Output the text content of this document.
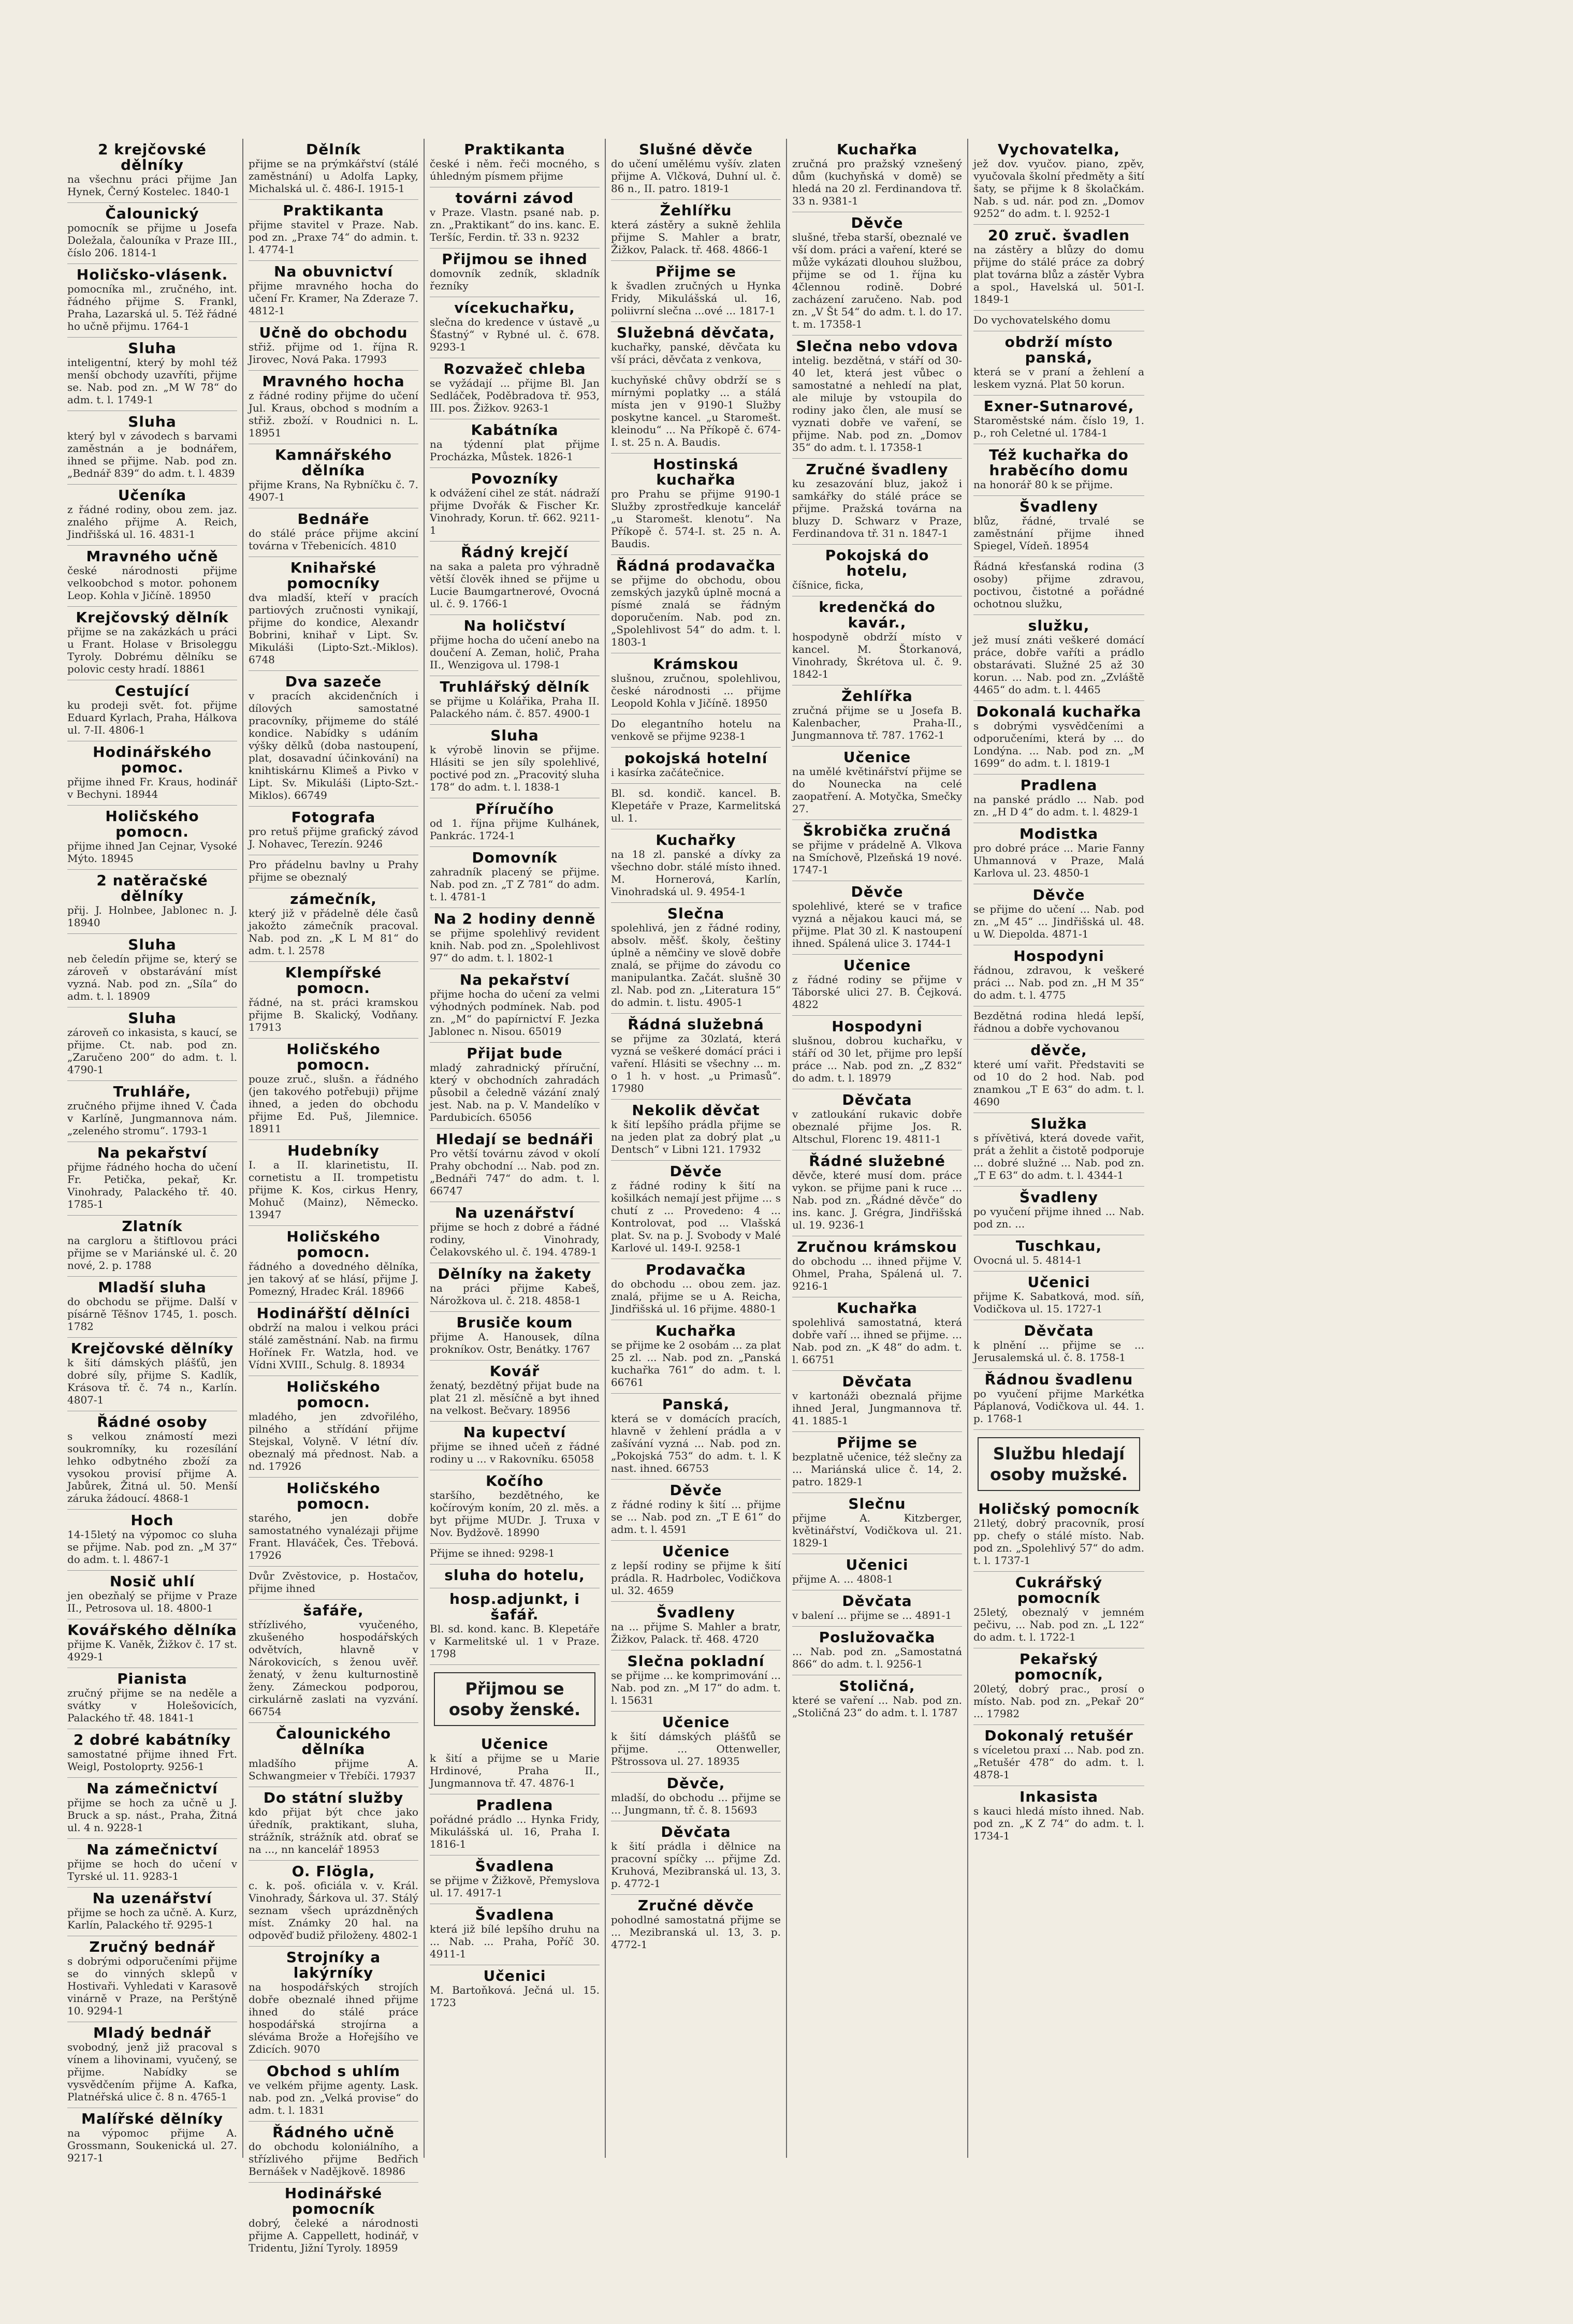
2 krejčovské dělníky
na všechnu práci přijme Jan Hynek, Černý Kostelec. 1840-1
Čalounický
pomocník se přijme u Josefa Doležala, čalouníka v Praze III., číslo 206. 1814-1
Holičsko-vlásenk.
pomocníka ml., zručného, int. řádného přijme S. Frankl, Praha, Lazarská ul. 5. Též řádné ho učně přijmu. 1764-1
Sluha
inteligentní, který by mohl též menší obchody uzavříti, přijme se. Nab. pod zn. „M W 78“ do adm. t. l. 1749-1
Sluha
který byl v závodech s barvami zaměstnán a je bodnářem, ihned se přijme. Nab. pod zn. „Bednář 839“ do adm. t. l. 4839
Učeníka
z řádné rodiny, obou zem. jaz. znalého přijme A. Reich, Jindřišská ul. 16. 4831-1
Mravného učně
české národnosti přijme velkoobchod s motor. pohonem Leop. Kohla v Jičíně. 18950
Krejčovský dělník
přijme se na zakázkách u práci u Frant. Holase v Brisoleggu Tyroly. Dobrému dělníku se polovic cesty hradí. 18861
Cestující
ku prodeji svět. fot. přijme Eduard Kyrlach, Praha, Hálkova ul. 7-II. 4806-1
Hodinářského pomoc.
přijme ihned Fr. Kraus, hodinář v Bechyni. 18944
Holičského pomocn.
přijme ihned Jan Cejnar, Vysoké Mýto. 18945
2 natěračské dělníky
přij. J. Holnbee, Jablonec n. J. 18940
Sluha
neb čeledín přijme se, který se zároveň v obstarávání míst vyzná. Nab. pod zn. „Síla“ do adm. t. l. 18909
Sluha
zároveň co inkasista, s kaucí, se přijme. Ct. nab. pod zn. „Zaručeno 200“ do adm. t. l. 4790-1
Truhláře,
zručného přijme ihned V. Čada v Karlíně, Jungmannova nám. „zeleného stromu“. 1793-1
Na pekařství
přijme řádného hocha do učení Fr. Petička, pekař, Kr. Vinohrady, Palackého tř. 40. 1785-1
Zlatník
na cargloru a štiftlovou práci přijme se v Mariánské ul. č. 20 nové, 2. p. 1788
Mladší sluha
do obchodu se přijme. Další v písárně Těšnov 1745, 1. posch. 1782
Krejčovské dělníky
k šití dámských plášťů, jen dobré síly, přijme S. Kadlík, Krásova tř. č. 74 n., Karlín. 4807-1
Řádné osoby
s velkou známostí mezi soukromníky, ku rozesílání lehko odbytného zboží za vysokou provisí přijme A. Jabůrek, Žitná ul. 50. Menší záruka žádoucí. 4868-1
Hoch
14-15letý na výpomoc co sluha se přijme. Nab. pod zn. „M 37“ do adm. t. l. 4867-1
Nosič uhlí
jen obezňalý se přijme v Praze II., Petrosova ul. 18. 4800-1
Kovářského dělníka
přijme K. Vaněk, Žižkov č. 17 st. 4929-1
Pianista
zručný přijme se na neděle a svátky v Holešovicích, Palackého tř. 48. 1841-1
2 dobré kabátníky
samostatné přijme ihned Frt. Weigl, Postoloprty. 9256-1
Na zámečnictví
přijme se hoch za učně u J. Bruck a sp. nást., Praha, Žitná ul. 4 n. 9228-1
Na zámečnictví
přijme se hoch do učení v Tyrské ul. 11. 9283-1
Na uzenářství
přijme se hoch za učně. A. Kurz, Karlín, Palackého tř. 9295-1
Zručný bednář
s dobrými odporučeními přijme se do vinných sklepů v Hostivaři. Vyhledati v Karasově vinárně v Praze, na Perštýně 10. 9294-1
Mladý bednář
svobodný, jenž již pracoval s vínem a lihovinami, vyučený, se přijme. Nabídky se vysvědčením přijme A. Kafka, Platnéřská ulice č. 8 n. 4765-1
Malířské dělníky
na výpomoc přijme A. Grossmann, Soukenická ul. 27. 9217-1
Dělník
přijme se na prýmkářství (stálé zaměstnání) u Adolfa Lapky, Michalská ul. č. 486-I. 1915-1
Praktikanta
přijme stavitel v Praze. Nab. pod zn. „Praxe 74“ do admin. t. l. 4774-1
Na obuvnictví
přijme mravného hocha do učení Fr. Kramer, Na Zderaze 7. 4812-1
Učně do obchodu
střiž. přijme od 1. října R. Jirovec, Nová Paka. 17993
Mravného hocha
z řádné rodiny přijme do učení Jul. Kraus, obchod s modním a střiž. zboží. v Roudnici n. L. 18951
Kamnářského dělníka
přijme Krans, Na Rybníčku č. 7. 4907-1
Bednáře
do stálé práce přijme akciní továrna v Třebenicích. 4810
Knihařské pomocníky
dva mladší, kteří v pracích partiových zručnosti vynikají, přijme do kondice, Alexandr Bobrini, knihař v Lipt. Sv. Mikuláši (Lipto-Szt.-Miklos). 6748
Dva sazeče
v pracích akcidenčních i dílových samostatné pracovníky, přijmeme do stálé kondice. Nabídky s udáním výšky dělků (doba nastoupení, plat, dosavadní účinkování) na knihtiskárnu Klimeš a Pivko v Lipt. Sv. Mikuláši (Lipto-Szt.-Miklos). 66749
Fotografa
pro retuš přijme grafický závod J. Nohavec, Terezín. 9246
Pro přádelnu bavlny u Prahy přijme se obeznalý
zámečník,
který již v přádelně déle časů jakožto zámečník pracoval. Nab. pod zn. „K L M 81“ do adm. t. l. 2578
Klempířské pomocn.
řádné, na st. práci kramskou přijme B. Skalický, Vodňany. 17913
Holičského pomocn.
pouze zruč., slušn. a řádného (jen takového potřebuji) přijme ihned, a jeden do obchodu přijme Ed. Puš, Jilemnice. 18911
Hudebníky
I. a II. klarinetistu, II. cornetistu a II. trompetistu přijme K. Kos, cirkus Henry, Mohuč (Mainz), Německo. 13947
Holičského pomocn.
řádného a dovedného dělníka, jen takový ať se hlásí, přijme J. Pomezný, Hradec Král. 18966
Hodinářští dělníci
obdrží na malou i velkou práci stálé zaměstnání. Nab. na firmu Hořínek Fr. Watzla, hod. ve Vídni XVIII., Schulg. 8. 18934
Holičského pomocn.
mladého, jen zdvořilého, pilného a střídání přijme Stejskal, Volyně. V létní dív. obeznalý má přednost. Nab. a nd. 17926
Holičského pomocn.
starého, jen dobře samostatného vynalézaji přijme Frant. Hlaváček, Čes. Třebová. 17926
Dvůr Zvěstovice, p. Hostačov, přijme ihned
šafáře,
střízlivého, vyučeného, zkušeného hospodářských odvětvích, hlavně v Nárokovicích, s ženou uvěř. ženatý, v ženu kulturnostině ženy. Zámeckou podporou, cirkulárně zaslati na vyzvání. 66754
Čalounického dělníka
mladšího přijme A. Schwangmeier v Třebíči. 17937
Do státní služby
kdo přijat být chce jako úředník, praktikant, sluha, strážník, strážník atd. obrať se na ..., nn kancelář 18953
O. Flögla,
c. k. poš. oficiála v. v. Král. Vinohrady, Šárkova ul. 37. Stálý seznam všech uprázdněných míst. Známky 20 hal. na odpověď budiž přiloženy. 4802-1
Strojníky a lakýrníky
na hospodářských strojích dobře obeznalé ihned přijme ihned do stálé práce hospodářská strojírna a sléváma Brože a Hořejšího ve Zdicích. 9070
Obchod s uhlím
ve velkém přijme agenty. Lask. nab. pod zn. „Velká provise“ do adm. t. l. 1831
Řádného učně
do obchodu koloniálního, a střízlivého přijme Bedřich Bernášek v Nadějkově. 18986
Hodinářské pomocník
dobrý, čeleké a národnosti přijme A. Cappellett, hodinář, v Tridentu, Jižní Tyroly. 18959
Praktikanta
české i něm. řeči mocného, s úhledným písmem přijme
továrni závod
v Praze. Vlastn. psané nab. p. zn. „Praktikant“ do ins. kanc. E. Teršíc, Ferdin. tř. 33 n. 9232
Přijmou se ihned
domovník zedník, skladník řezníky
vícekuchařku,
slečna do kredence v ústavě „u Šťastný“ v Rybné ul. č. 678. 9293-1
Rozvažeč chleba
se vyžádají ... přijme Bl. Jan Sedláček, Poděbradova tř. 953, III. pos. Žižkov. 9263-1
Kabátníka
na týdenní plat přijme Procházka, Můstek. 1826-1
Povozníky
k odvážení cihel ze stát. nádraží přijme Dvořák & Fischer Kr. Vinohrady, Korun. tř. 662. 9211-1
Řádný krejčí
na saka a paleta pro výhradně větší člověk ihned se přijme u Lucie Baumgartnerové, Ovocná ul. č. 9. 1766-1
Na holičství
přijme hocha do učení anebo na doučení A. Zeman, holič, Praha II., Wenzigova ul. 1798-1
Truhlářský dělník
se přijme u Kolářika, Praha II. Palackého nám. č. 857. 4900-1
Sluha
k výrobě linovin se přijme. Hlásiti se jen síly spolehlivé, poctivé pod zn. „Pracovitý sluha 178“ do adm. t. l. 1838-1
Příručího
od 1. října přijme Kulhánek, Pankrác. 1724-1
Domovník
zahradník placený se přijme. Nab. pod zn. „T Z 781“ do adm. t. l. 4781-1
Na 2 hodiny denně
se přijme spolehlivý revident knih. Nab. pod zn. „Spolehlivost 97“ do adm. t. l. 1802-1
Na pekařství
přijme hocha do učení za velmi výhodných podmínek. Nab. pod zn. „M“ do papírnictví F. Jezka Jablonec n. Nisou. 65019
Přijat bude
mladý zahradnický příruční, který v obchodních zahradách působil a čeledně vázání znalý jest. Nab. na p. V. Mandelíko v Pardubicích. 65056
Hledají se bednáři
Pro větší továrnu závod v okolí Prahy obchodní ... Nab. pod zn. „Bednáři 747“ do adm. t. l. 66747
Na uzenářství
přijme se hoch z dobré a řádné rodiny, Vinohrady, Čelakovského ul. č. 194. 4789-1
Dělníky na žakety
na práci přijme Kabeš, Nárožkova ul. č. 218. 4858-1
Brusiče koum
přijme A. Hanousek, dílna prokníkov. Ostr, Benátky. 1767
Kovář
ženatý, bezdětný přijat bude na plat 21 zl. měsíčně a byt ihned na velkost. Bečvary. 18956
Na kupectví
přijme se ihned učeň z řádné rodiny u ... v Rakovníku. 65058
Kočího
staršího, bezdětného, ke kočírovým koním, 20 zl. měs. a byt přijme MUDr. J. Truxa v Nov. Bydžově. 18990
Přijme se ihned: 9298-1
sluha do hotelu,
hosp.adjunkt, i šafář.
Bl. sd. kond. kanc. B. Klepetáře v Karmelitské ul. 1 v Praze. 1798
Přijmou se osoby ženské.
Učenice
k šití a přijme se u Marie Hrdinové, Praha II., Jungmannova tř. 47. 4876-1
Pradlena
pořádné prádlo ... Hynka Fridy, Mikulášská ul. 16, Praha I. 1816-1
Švadlena
se přijme v Žižkově, Přemyslova ul. 17. 4917-1
Švadlena
která již bílé lepšího druhu na ... Nab. ... Praha, Poříč 30. 4911-1
Učenici
M. Bartoňková. Ječná ul. 15. 1723
Slušné děvče
do učení umělému vyšív. zlaten přijme A. Vlčková, Duhní ul. č. 86 n., II. patro. 1819-1
Žehlířku
která zástěry a sukně žehlila přijme S. Mahler a bratr, Žižkov, Palack. tř. 468. 4866-1
Přijme se
k švadlen zručných u Hynka Fridy, Mikulášská ul. 16, poliivrní slečna ...ové ... 1817-1
Služebná děvčata,
kuchařky, panské, děvčata ku vší práci, děvčata z venkova,
kuchyňské chůvy obdrží se s mírnými poplatky ... a stálá místa jen v 9190-1 Služby poskytne kancel. „u Staromešt. kleinodu“ ... Na Příkopě č. 674-I. st. 25 n. A. Baudis.
Hostinská kuchařka
pro Prahu se přijme 9190-1 Služby zprostředkuje kancelář „u Staromešt. klenotu“. Na Příkopě č. 574-I. st. 25 n. A. Baudis.
Řádná prodavačka
se přijme do obchodu, obou zemských jazyků úplně mocná a písmé znalá se řádným doporučením. Nab. pod zn. „Spolehlivost 54“ do adm. t. l. 1803-1
Krámskou
slušnou, zručnou, spolehlivou, české národnosti ... přijme Leopold Kohla v Jičíně. 18950
Do elegantního hotelu na venkově se přijme 9238-1
pokojská hotelní
i kasírka začátečnice.
Bl. sd. kondič. kancel. B. Klepetáře v Praze, Karmelitská ul. 1.
Kuchařky
na 18 zl. panské a dívky za všechno dobr. stálé místo ihned. M. Hornerová, Karlín, Vinohradská ul. 9. 4954-1
Slečna
spolehlivá, jen z řádné rodiny, absolv. měšť. školy, češtiny úplně a němčiny ve slově dobře znalá, se přijme do závodu co manipulantka. Začát. slušně 30 zl. Nab. pod zn. „Literatura 15“ do admin. t. listu. 4905-1
Řádná služebná
se přijme za 30zlatá, která vyzná se veškeré domácí práci i vaření. Hlásiti se všechny ... m. o 1 h. v host. „u Primasů“. 17980
Nekolik děvčat
k šití lepšího prádla přijme se na jeden plat za dobrý plat „u Dentsch“ v Libni 121. 17932
Děvče
z řádné rodiny k šití na košilkách nemají jest přijme ... s chutí z ... Provedeno: 4 ... Kontrolovat, pod ... Vlašská plat. Sv. na p. J. Svobody v Malé Karlové ul. 149-I. 9258-1
Prodavačka
do obchodu ... obou zem. jaz. znalá, přijme se u A. Reicha, Jindřišská ul. 16 přijme. 4880-1
Kuchařka
se přijme ke 2 osobám ... za plat 25 zl. ... Nab. pod zn. „Panská kuchařka 761“ do adm. t. l. 66761
Panská,
která se v domácích pracích, hlavně v žehlení prádla a v zašívání vyzná ... Nab. pod zn. „Pokojská 753“ do adm. t. l. K nast. ihned. 66753
Děvče
z řádné rodiny k šití ... přijme se ... Nab. pod zn. „T E 61“ do adm. t. l. 4591
Učenice
z lepší rodiny se přijme k šití prádla. R. Hadrbolec, Vodičkova ul. 32. 4659
Švadleny
na ... přijme S. Mahler a bratr, Žižkov, Palack. tř. 468. 4720
Slečna pokladní
se přijme ... ke komprimování ... Nab. pod zn. „M 17“ do adm. t. l. 15631
Učenice
k šití dámských plášťů se přijme. ... Ottenweller, Pštrossova ul. 27. 18935
Děvče,
mladší, do obchodu ... přijme se ... Jungmann, tř. č. 8. 15693
Děvčata
k šití prádla i dělnice na pracovní spíčky ... přijme Zd. Kruhová, Mezibranská ul. 13, 3. p. 4772-1
Zručné děvče
pohodlné samostatná přijme se ... Mezibranská ul. 13, 3. p. 4772-1
Kuchařka
zručná pro pražský vznešený dům (kuchyňská v domě) se hledá na 20 zl. Ferdinandova tř. 33 n. 9381-1
Děvče
slušné, třeba starší, obeznalé ve vší dom. práci a vaření, které se může vykázati dlouhou službou, přijme se od 1. října ku 4člennou rodině. Dobré zacházení zaručeno. Nab. pod zn. „V Št 54“ do adm. t. l. do 17. t. m. 17358-1
Slečna nebo vdova
intelig. bezdětná, v stáří od 30-40 let, která jest vůbec o samostatné a nehledí na plat, ale miluje by vstoupila do rodiny jako člen, ale musí se vyznati dobře ve vaření, se přijme. Nab. pod zn. „Domov 35“ do adm. t. l. 17358-1
Zručné švadleny
ku zesazování bluz, jakož i samkářky do stálé práce se přijme. Pražská továrna na bluzy D. Schwarz v Praze, Ferdinandova tř. 31 n. 1847-1
Pokojská do hotelu,
číšnice, ficka,
kredenčká do kavár.,
hospodyně obdrží místo v kancel. M. Štorkanová, Vinohrady, Škrétova ul. č. 9. 1842-1
Žehlířka
zručná přijme se u Josefa B. Kalenbacher, Praha-II., Jungmannova tř. 787. 1762-1
Učenice
na umělé květinářství přijme se do Nounecka na celé zaopatření. A. Motyčka, Smečky 27.
Škrobička zručná
se přijme v prádelně A. Vlkova na Smíchově, Plzeňská 19 nové. 1747-1
Děvče
spolehlivé, které se v trafice vyzná a nějakou kauci má, se přijme. Plat 30 zl. K nastoupení ihned. Spálená ulice 3. 1744-1
Učenice
z řádné rodiny se přijme v Táborské ulici 27. B. Čejková. 4822
Hospodyni
slušnou, dobrou kuchařku, v stáří od 30 let, přijme pro lepší práce ... Nab. pod zn. „Z 832“ do adm. t. l. 18979
Děvčata
v zatloukání rukavic dobře obeznalé přijme Jos. R. Altschul, Florenc 19. 4811-1
Řádné služebné
děvče, které musí dom. práce vykon. se přijme pani k ruce ... Nab. pod zn. „Řádné děvče“ do ins. kanc. J. Grégra, Jindřišská ul. 19. 9236-1
Zručnou krámskou
do obchodu ... ihned přijme V. Ohmel, Praha, Spálená ul. 7. 9216-1
Kuchařka
spolehlivá samostatná, která dobře vaří ... ihned se přijme. ... Nab. pod zn. „K 48“ do adm. t. l. 66751
Děvčata
v kartonáži obeznalá přijme ihned Jeral, Jungmannova tř. 41. 1885-1
Přijme se
bezplatně učenice, též slečny za ... Mariánská ulice č. 14, 2. patro. 1829-1
Slečnu
přijme A. Kitzberger, květinářství, Vodičkova ul. 21. 1829-1
Učenici
přijme A. ... 4808-1
Děvčata
v balení ... přijme se ... 4891-1
Poslužovačka
... Nab. pod zn. „Samostatná 866“ do adm. t. l. 9256-1
Stoličná,
které se vaření ... Nab. pod zn. „Stoličná 23“ do adm. t. l. 1787
Vychovatelka,
jež dov. vyučov. piano, zpěv, vyučovala školní předměty a šití šaty, se přijme k 8 školačkám. Nab. s ud. nár. pod zn. „Domov 9252“ do adm. t. l. 9252-1
20 zruč. švadlen
na zástěry a blůzy do domu přijme do stálé práce za dobrý plat továrna blůz a zástěr Vybra a spol., Havelská ul. 501-I. 1849-1
Do vychovatelského domu
obdrží místo panská,
která se v praní a žehlení a leskem vyzná. Plat 50 korun.
Exner-Sutnarové,
Staroměstské nám. číslo 19, 1. p., roh Celetné ul. 1784-1
Též kuchařka do hraběcího domu
na honorář 80 k se přijme.
Švadleny
blůz, řádné, trvalé se zaměstnání přijme ihned Spiegel, Vídeň. 18954
Řádná křesťanská rodina (3 osoby) přijme zdravou, poctivou, čistotné a pořádné ochotnou služku,
služku,
jež musí znáti veškeré domácí práce, dobře vaříti a prádlo obstarávati. Služné 25 až 30 korun. ... Nab. pod zn. „Zvláště 4465“ do adm. t. l. 4465
Dokonalá kuchařka
s dobrými vysvědčeními a odporučeními, která by ... do Londýna. ... Nab. pod zn. „M 1699“ do adm. t. l. 1819-1
Pradlena
na panské prádlo ... Nab. pod zn. „H D 4“ do adm. t. l. 4829-1
Modistka
pro dobré práce ... Marie Fanny Uhmannová v Praze, Malá Karlova ul. 23. 4850-1
Děvče
se přijme do učení ... Nab. pod zn. „M 45“ ... Jindřišská ul. 48. u W. Diepolda. 4871-1
Hospodyni
řádnou, zdravou, k veškeré práci ... Nab. pod zn. „H M 35“ do adm. t. l. 4775
Bezdětná rodina hledá lepší, řádnou a dobře vychovanou
děvče,
které umí vařit. Představiti se od 10 do 2 hod. Nab. pod znamkou „T E 63“ do adm. t. l. 4690
Služka
s přívětivá, která dovede vařit, prát a žehlit a čistotě podporuje ... dobré služné ... Nab. pod zn. „T E 63“ do adm. t. l. 4344-1
Švadleny
po vyučení přijme ihned ... Nab. pod zn. ...
Tuschkau,
Ovocná ul. 5. 4814-1
Učenici
přijme K. Sabatková, mod. síň, Vodičkova ul. 15. 1727-1
Děvčata
k plnění ... přijme se ... Jerusalemská ul. č. 8. 1758-1
Řádnou švadlenu
po vyučení přijme Markétka Páplanová, Vodičkova ul. 44. 1. p. 1768-1
Službu hledají osoby mužské.
Holičský pomocník
21letý, dobrý pracovník, prosí pp. chefy o stálé místo. Nab. pod zn. „Spolehlivý 57“ do adm. t. l. 1737-1
Cukrářský pomocník
25letý, obeznalý v jemném pečivu, ... Nab. pod zn. „L 122“ do adm. t. l. 1722-1
Pekařský pomocník,
20letý, dobrý prac., prosí o místo. Nab. pod zn. „Pekař 20“ ... 17982
Dokonalý retušér
s víceletou praxí ... Nab. pod zn. „Retušér 478“ do adm. t. l. 4878-1
Inkasista
s kauci hledá místo ihned. Nab. pod zn. „K Z 74“ do adm. t. l. 1734-1
